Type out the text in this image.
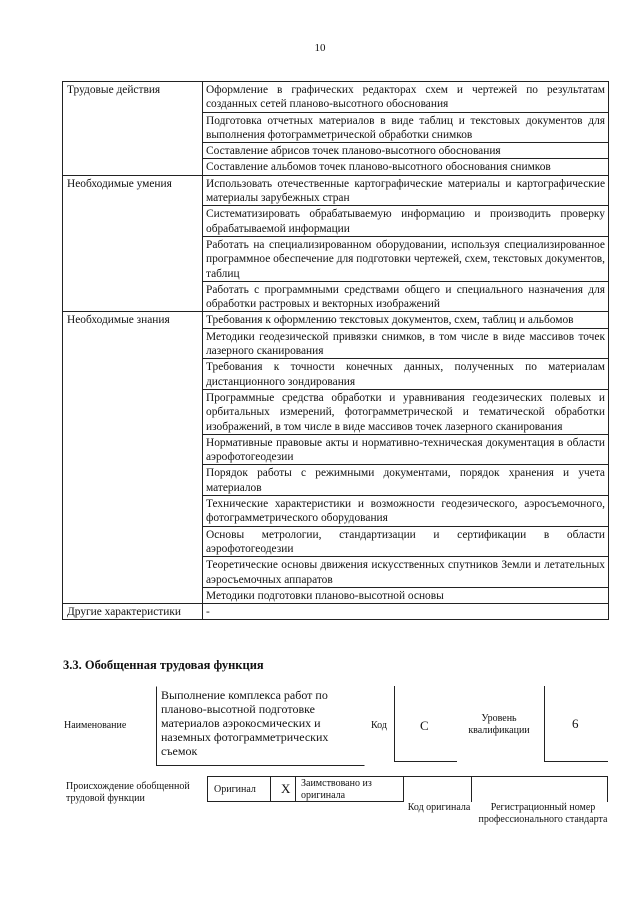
10
Трудовые действия	Оформление в графических редакторах схем и чертежей по результатам созданных сетей планово-высотного обоснования
	Подготовка отчетных материалов в виде таблиц и текстовых документов для выполнения фотограмметрической обработки снимков
	Составление абрисов точек планово-высотного обоснования
	Составление альбомов точек планово-высотного обоснования снимков
Необходимые умения	Использовать отечественные картографические материалы и картографические материалы зарубежных стран
	Систематизировать обрабатываемую информацию и производить проверку обрабатываемой информации
	Работать на специализированном оборудовании, используя специализированное программное обеспечение для подготовки чертежей, схем, текстовых документов, таблиц
	Работать с программными средствами общего и специального назначения для обработки растровых и векторных изображений
Необходимые знания	Требования к оформлению текстовых документов, схем, таблиц и альбомов
	Методики геодезической привязки снимков, в том числе в виде массивов точек лазерного сканирования
	Требования к точности конечных данных, полученных по материалам дистанционного зондирования
	Программные средства обработки и уравнивания геодезических полевых и орбитальных измерений, фотограмметрической и тематической обработки изображений, в том числе в виде массивов точек лазерного сканирования
	Нормативные правовые акты и нормативно-техническая документация в области аэрофотогеодезии
	Порядок работы с режимными документами, порядок хранения и учета материалов
	Технические характеристики и возможности геодезического, аэросъемочного, фотограмметрического оборудования
	Основы метрологии, стандартизации и сертификации в области аэрофотогеодезии
	Теоретические основы движения искусственных спутников Земли и летательных аэросъемочных аппаратов
	Методики подготовки планово-высотной основы
Другие характеристики	-
3.3. Обобщенная трудовая функция
Наименование
Выполнение комплекса работ по планово-высотной подготовке материалов аэрокосмических и наземных фотограмметрических съемок
Код	C	Уровень квалификации	6
Происхождение обобщенной трудовой функции
Оригинал X Заимствовано из оригинала
Код оригинала	Регистрационный номер профессионального стандарта
